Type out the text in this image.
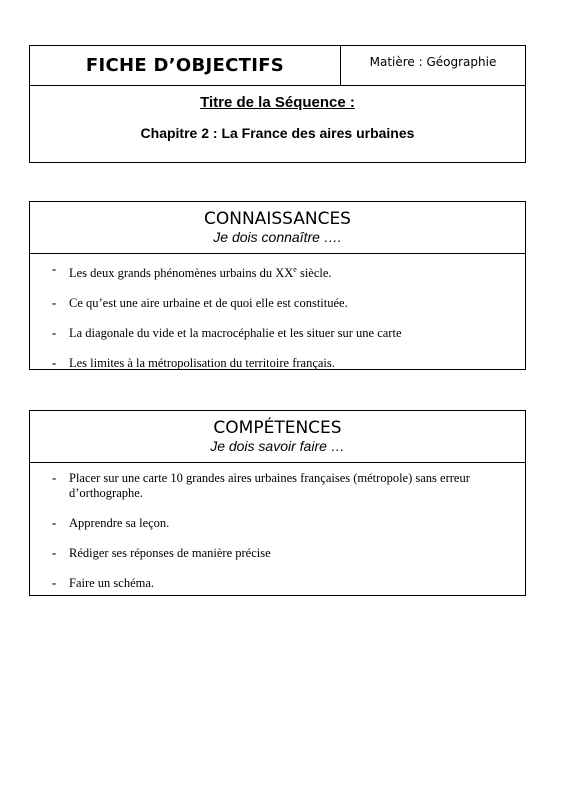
FICHE D’OBJECTIFS	Matière : Géographie
Titre de la Séquence :
Chapitre 2 : La France des aires urbaines
CONNAISSANCES
Je dois connaître ….
-	Les deux grands phénomènes urbains du XXe siècle.
-	Ce qu’est une aire urbaine et de quoi elle est constituée.
-	La diagonale du vide et la macrocéphalie et les situer sur une carte
-	Les limites à la métropolisation du territoire français.
COMPÉTENCES
Je dois savoir faire …
-	Placer sur une carte 10 grandes aires urbaines françaises (métropole) sans erreur d’orthographe.
-	Apprendre sa leçon.
-	Rédiger ses réponses de manière précise
-	Faire un schéma.
